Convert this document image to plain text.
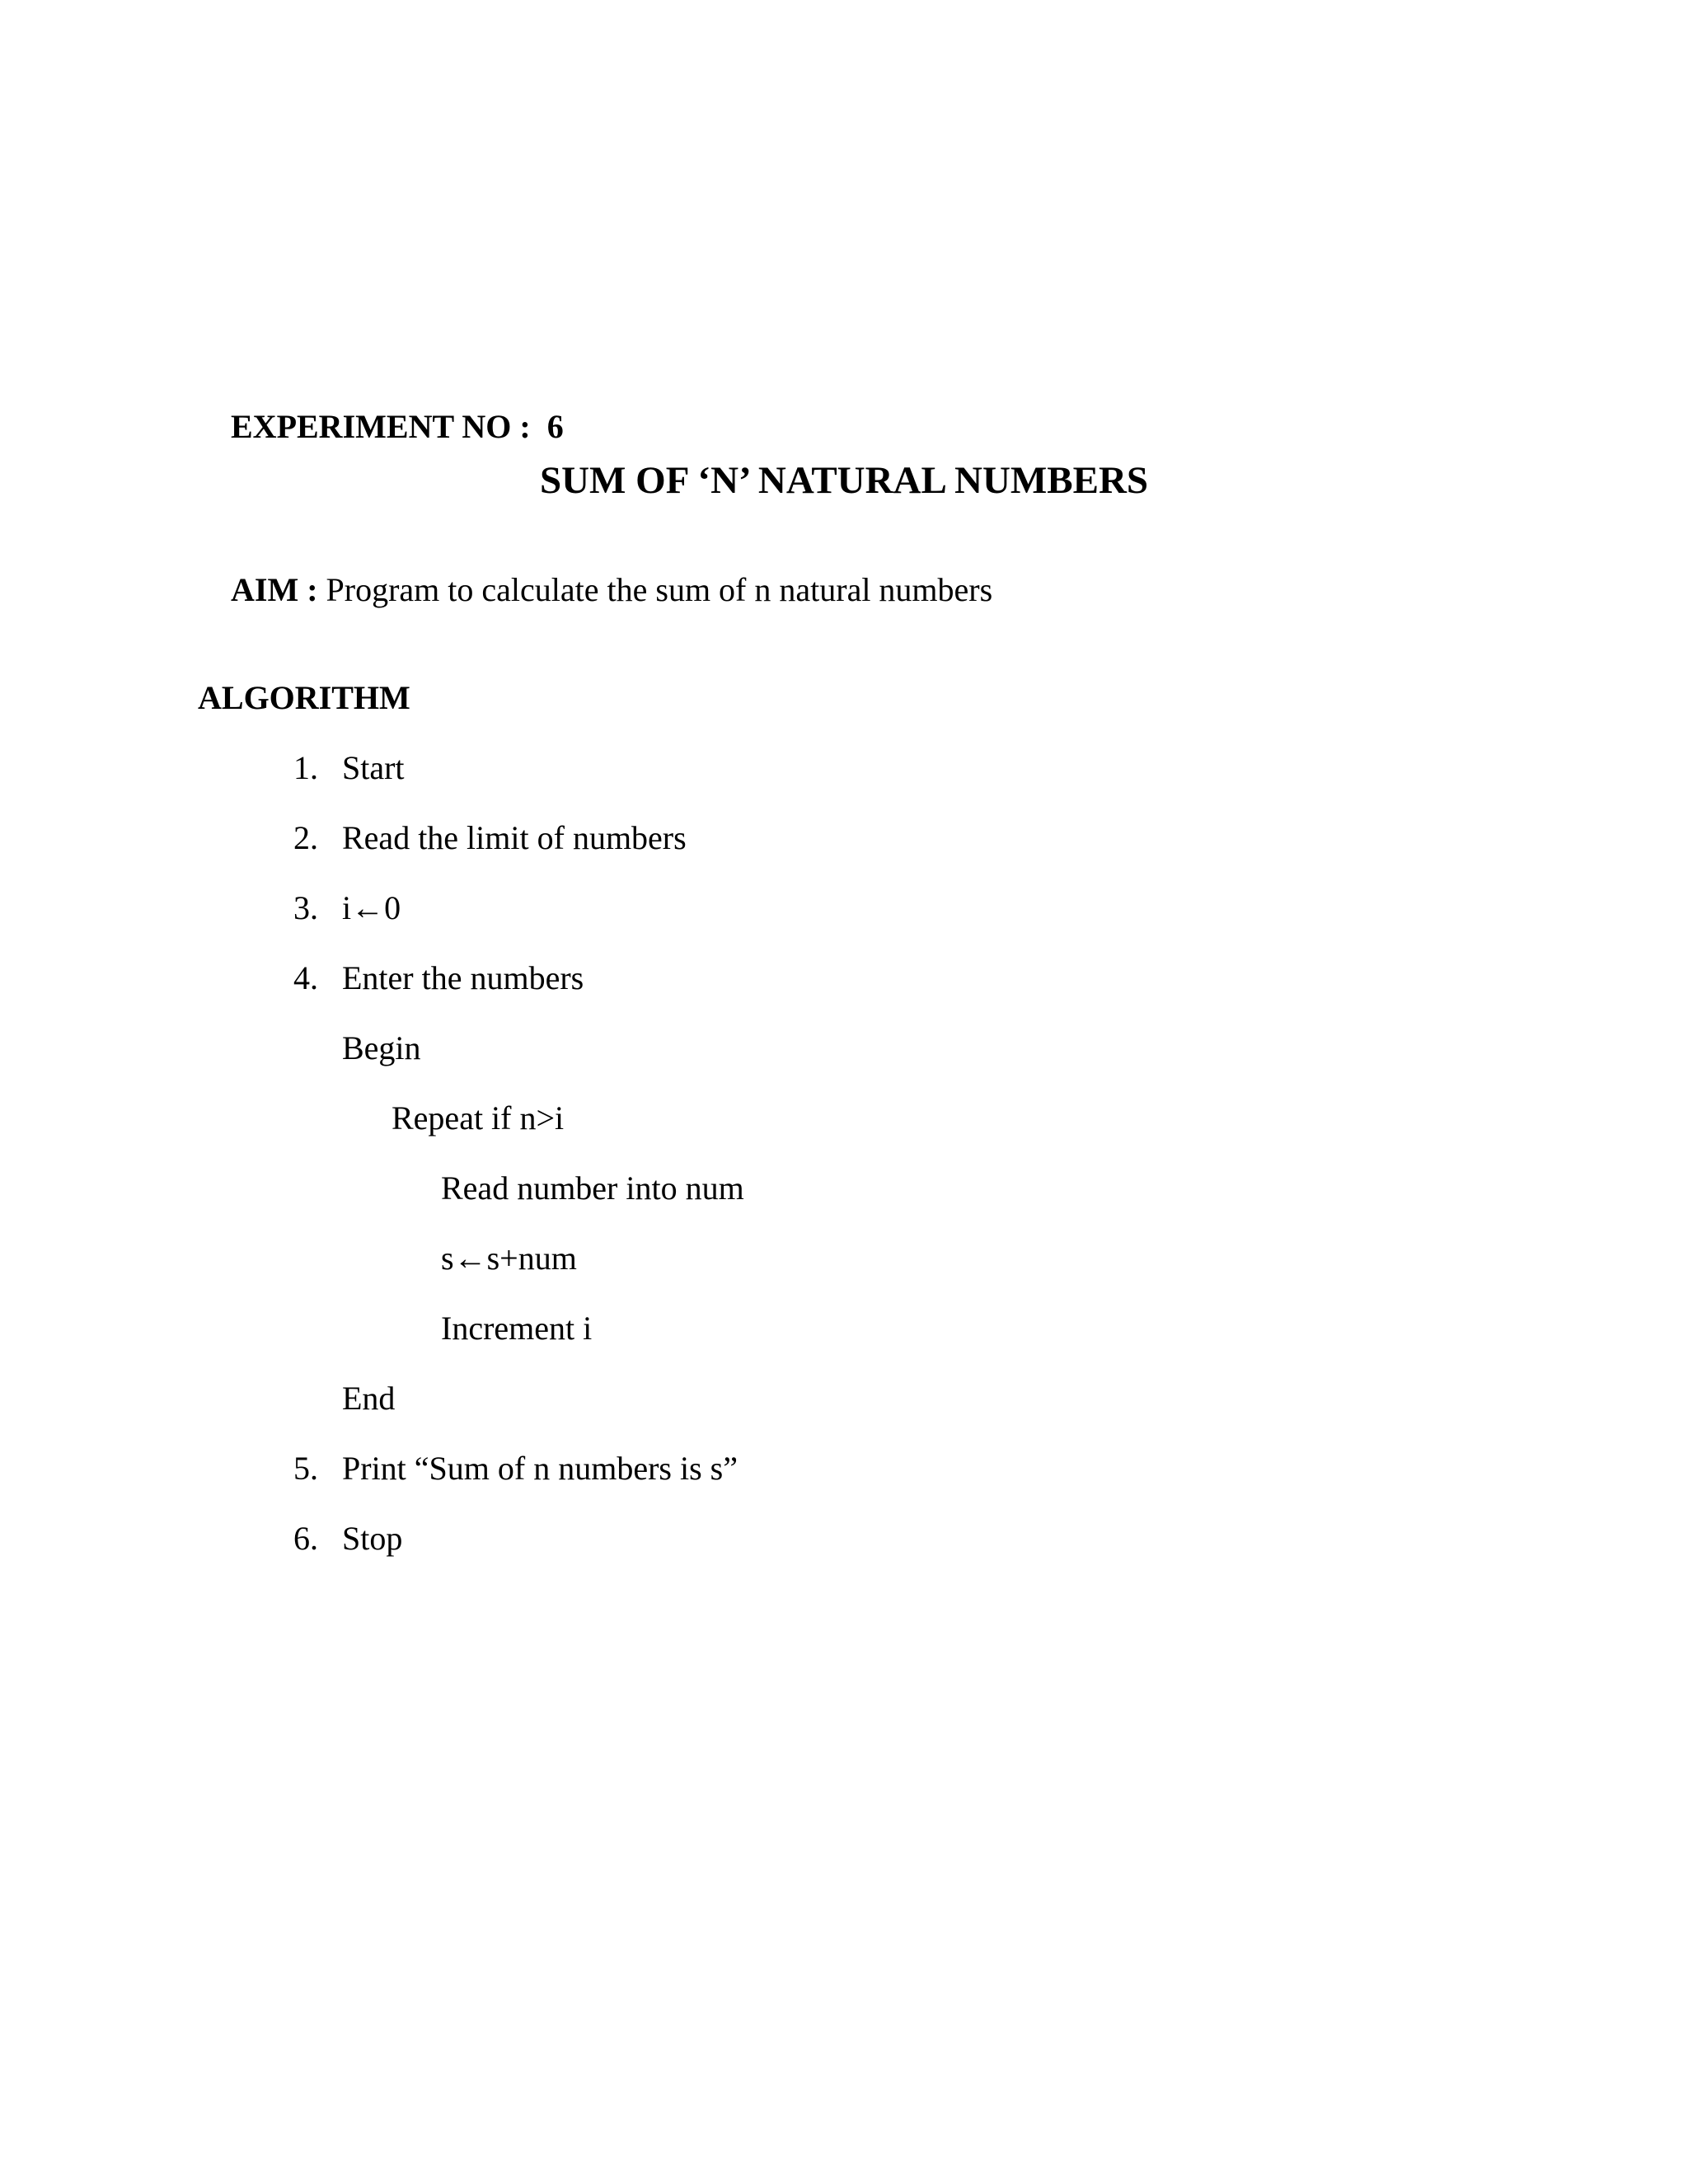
EXPERIMENT NO : 6

SUM OF ‘N’ NATURAL NUMBERS

AIM : Program to calculate the sum of n natural numbers

ALGORITHM
1. Start
2. Read the limit of numbers
3. i←0
4. Enter the numbers
Begin
Repeat if n>i
Read number into num
s←s+num
Increment i
End
5. Print “Sum of n numbers is s”
6. Stop
